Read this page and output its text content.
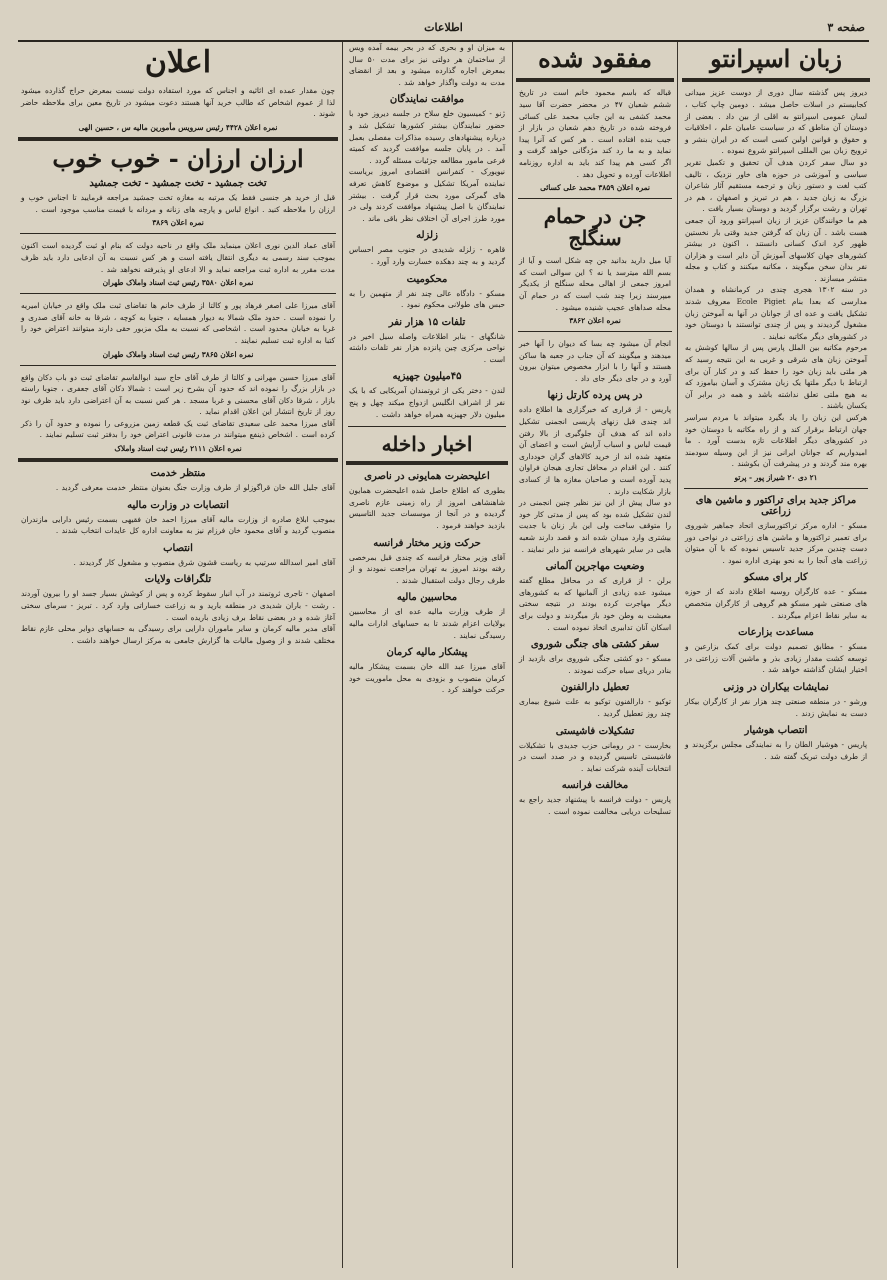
صفحه ۳
اطلاعات
زبان اسپرانتو

دیروز پس گذشته سال دوری از دوست عزیز میدانی کجابیستم در اسلات حاصل میشد . دومین چاپ کتاب ، لسان عمومی اسپرانتو به اقلی از بین داد . بعضی از دوستان آن مناطق که در سیاست عامیان علم ، اخلاقیات و حقوق و قوانین اولین کسی است که در ایران بنشر و ترویج زبان بین المللی اسپرانتو شروع نموده .

دو سال سفر کردن هدف آن تحقیق و تکمیل تقریر سیاسی و آموزشی در حوزه های خاور نزدیک ، تالیف کتب لغت و دستور زبان و ترجمه مستقیم آثار شاعران بزرگ به زبان جدید ، هم در تبریز و اصفهان ، هم در تهران و رشت برگزار گردید و دوستان بسیار یافت .

هم ما خوانندگان عزیز از زبان اسپرانتو ورود آن جمعی هست باشد . آن زبان که گرفتن جدید وقتی بار نخستین ظهور کرد اندک کسانی دانستند ، اکنون در بیشتر کشورهای جهان کلاسهای آموزش آن دایر است و هزاران نفر بدان سخن میگویند ، مکاتبه میکنند و کتاب و مجله منتشر میسازند .

در سنه ۱۳۰۲ هجری چندی در کرمانشاه و همدان مدارسی که بعدا بنام Ecole Pigiet معروف شدند تشکیل یافت و عده ای از جوانان در آنها به آموختن زبان مشغول گردیدند و پس از چندی توانستند با دوستان خود در کشورهای دیگر مکاتبه نمایند .

مرحوم مکاتبه بین الملل پارس پس از سالها کوشش به آموختن زبان های شرقی و غربی به این نتیجه رسید که هر ملتی باید زبان خود را حفظ کند و در کنار آن برای ارتباط با دیگر ملتها یک زبان مشترک و آسان بیاموزد که به هیچ ملتی تعلق نداشته باشد و همه در برابر آن یکسان باشند .

هرکس این زبان را یاد بگیرد میتواند با مردم سراسر جهان ارتباط برقرار کند و از راه مکاتبه با دوستان خود در کشورهای دیگر اطلاعات تازه بدست آورد . ما امیدواریم که جوانان ایرانی نیز از این وسیله سودمند بهره مند گردند و در پیشرفت آن بکوشند .

۲۱ دی ۲۰ شیراز پور - پرتو
مراکز جدید برای تراکتور و ماشین های زراعتی

مسکو - اداره مرکز تراکتورسازی اتحاد جماهیر شوروی برای تعمیر تراکتورها و ماشین های زراعتی در نواحی دور دست چندین مرکز جدید تاسیس نموده که با آن میتوان زراعت های آنجا را به نحو بهتری اداره نمود .

کار برای مسکو

مسکو - عده کارگران روسیه اطلاع دادند که از حوزه های صنعتی شهر مسکو هم گروهی از کارگران متخصص به سایر نقاط اعزام میگردند .

مساعدت بزارعات

مسکو - مطابق تصمیم دولت برای کمک بزارعین و توسعه کشت مقدار زیادی بذر و ماشین آلات زراعتی در اختیار ایشان گذاشته خواهد شد .

نمایشات بیکاران در وزنی

ورشو - در منطقه صنعتی چند هزار نفر از کارگران بیکار دست به نمایش زدند .

انتصاب هوشیار

پاریس - هوشیار الطان را به نمایندگی مجلس برگزیدند و از طرف دولت تبریک گفته شد .

مفقود شده

قباله که باسم محمود خانم است در تاریخ ششم شعبان ۴۷ در محضر حضرت آقا سید محمد کشفی به این جانب محمد علی کسائی فروخته شده در تاریخ دهم شعبان در بازار از جیب بنده افتاده است . هر کس که آنرا پیدا نماید و به ما رد کند مژدگانی خواهد گرفت و اگر کسی هم پیدا کند باید به اداره روزنامه اطلاعات آورده و تحویل دهد .

نمره اعلان ۳۸۵۹ محمد علی کسائی
جن در حمام سنگلج

آیا میل دارید بدانید جن چه شکل است و آیا از بسم الله میترسد یا نه ؟ این سوالی است که امروز جمعی از اهالی محله سنگلج از یکدیگر میپرسند زیرا چند شب است که در حمام آن محله صداهای عجیب شنیده میشود .

نمره اعلان ۳۸۶۲

انجام آن میشود چه بسا که دیوان را آنها خبر میدهند و میگویند که آن جناب در جعبه ها ساکن هستند و آنها را با ابزار مخصوص میتوان بیرون آورد و در جای دیگر جای داد .

در پس پرده کارتل زنها

پاریس - از قراری که خبرگزاری ها اطلاع داده اند چندی قبل زنهای پاریسی انجمنی تشکیل داده اند که هدف آن جلوگیری از بالا رفتن قیمت لباس و اسباب آرایش است و اعضای آن متعهد شده اند از خرید کالاهای گران خودداری کنند . این اقدام در محافل تجاری هیجان فراوان پدید آورده است و صاحبان مغازه ها از کسادی بازار شکایت دارند .

دو سال پیش از این نیز نظیر چنین انجمنی در لندن تشکیل شده بود که پس از مدتی کار خود را متوقف ساخت ولی این بار زنان با جدیت بیشتری وارد میدان شده اند و قصد دارند شعبه هایی در سایر شهرهای فرانسه نیز دایر نمایند .

وضعیت مهاجرین آلمانی

برلن - از قراری که در محافل مطلع گفته میشود عده زیادی از آلمانیها که به کشورهای دیگر مهاجرت کرده بودند در نتیجه سختی معیشت به وطن خود باز میگردند و دولت برای اسکان آنان تدابیری اتخاذ نموده است .

سفر کشتی های جنگی شوروی

مسکو - دو کشتی جنگی شوروی برای بازدید از بنادر دریای سیاه حرکت نمودند .

تعطیل دارالفنون

توکیو - دارالفنون توکیو به علت شیوع بیماری چند روز تعطیل گردید .

تشکیلات فاشیستی

بخارست - در رومانی حزب جدیدی با تشکیلات فاشیستی تاسیس گردیده و در صدد است در انتخابات آینده شرکت نماید .

مخالفت فرانسه

پاریس - دولت فرانسه با پیشنهاد جدید راجع به تسلیحات دریایی مخالفت نموده است .

به میزان او و بحری که در بحر بیمه آمده ویس از ساختمان هر دولتی نیز برای مدت ۵۰ سال بمعرض اجاره گذارده میشود و بعد از انقضای مدت به دولت واگذار خواهد شد .

موافقت نمایندگان

ژنو - کمیسیون خلع سلاح در جلسه دیروز خود با حضور نمایندگان بیشتر کشورها تشکیل شد و درباره پیشنهادهای رسیده مذاکرات مفصلی بعمل آمد . در پایان جلسه موافقت گردید که کمیته فرعی مامور مطالعه جزئیات مسئله گردد .

نیویورک - کنفرانس اقتصادی امروز بریاست نماینده آمریکا تشکیل و موضوع کاهش تعرفه های گمرکی مورد بحث قرار گرفت . بیشتر نمایندگان با اصل پیشنهاد موافقت کردند ولی در مورد طرز اجرای آن اختلاف نظر باقی ماند .

زلزله

قاهره - زلزله شدیدی در جنوب مصر احساس گردید و به چند دهکده خسارت وارد آورد .

محکومیت

مسکو - دادگاه عالی چند نفر از متهمین را به حبس های طولانی محکوم نمود .

تلفات ۱۵ هزار نفر

شانگهای - بنابر اطلاعات واصله سیل اخیر در نواحی مرکزی چین پانزده هزار نفر تلفات داشته است .

۴۵میلیون جهیزیه

لندن - دختر یکی از ثروتمندان آمریکایی که با یک نفر از اشراف انگلیس ازدواج میکند چهل و پنج میلیون دلار جهیزیه همراه خواهد داشت .

اخبار داخله
اعلیحضرت همایونی در ناصری

بطوری که اطلاع حاصل شده اعلیحضرت همایون شاهنشاهی امروز از راه زمینی عازم ناصری گردیده و در آنجا از موسسات جدید التاسیس بازدید خواهند فرمود .

حرکت وزیر مختار فرانسه

آقای وزیر مختار فرانسه که چندی قبل بمرخصی رفته بودند امروز به تهران مراجعت نمودند و از طرف رجال دولت استقبال شدند .

محاسبین ماليه

از طرف وزارت ماليه عده ای از محاسبین بولایات اعزام شدند تا به حسابهای ادارات مالیه رسیدگی نمایند .

پیشکار ماليه کرمان

آقای میرزا عبد الله خان بسمت پیشکار ماليه کرمان منصوب و بزودی به محل ماموریت خود حرکت خواهند کرد .

اعلان

چون مقدار عمده ای اثاثیه و اجناس که مورد استفاده دولت نیست بمعرض حراج گذارده میشود لذا از عموم اشخاص که طالب خرید آنها هستند دعوت میشود در تاریخ معین برای ملاحظه حاضر شوند .

نمره اعلان ۴۴۲۸ رئیس سرویس مأمورین ماليه س ، حسین الهی
ارزان ارزان - خوب خوب
تخت جمشید - تخت جمشید - تخت جمشید

قبل از خرید هر جنسی فقط یک مرتبه به مغازه تخت جمشید مراجعه فرمایید تا اجناس خوب و ارزان را ملاحظه کنید . انواع لباس و پارچه های زنانه و مردانه با قیمت مناسب موجود است .

نمره اعلان ۳۸۶۹

آقای عماد الدین نوری اعلان مینماید ملک واقع در ناحیه دولت که بنام او ثبت گردیده است اکنون بموجب سند رسمی به دیگری انتقال یافته است و هر کس نسبت به آن ادعایی دارد باید ظرف مدت مقرر به اداره ثبت مراجعه نماید و الا ادعای او پذیرفته نخواهد شد .

نمره اعلان ۳۵۸۰ رئیس ثبت اسناد واملاک طهران

آقای میرزا علی اصغر فرهاد پور و کالتا از طرف خانم ها تقاضای ثبت ملک واقع در خیابان امیریه را نموده است . حدود ملک شمالا به دیوار همسایه ، جنوبا به کوچه ، شرقا به خانه آقای صدری و غربا به خیابان محدود است . اشخاصی که نسبت به ملک مزبور حقی دارند میتوانند اعتراض خود را کتبا به اداره ثبت تسلیم نمایند .

نمره اعلان ۳۸۶۵ رئیس ثبت اسناد واملاک طهران

آقای میرزا حسین مهرانی و کالتا از طرف آقای حاج سید ابوالقاسم تقاضای ثبت دو باب دکان واقع در بازار بزرگ را نموده اند که حدود آن بشرح زیر است : شمالا دکان آقای جعفری ، جنوبا راسته بازار ، شرقا دکان آقای محسنی و غربا مسجد . هر کس نسبت به آن اعتراضی دارد باید ظرف نود روز از تاریخ انتشار این اعلان اقدام نماید .

آقای میرزا محمد علی سعیدی تقاضای ثبت یک قطعه زمین مزروعی را نموده و حدود آن را ذکر کرده است . اشخاص ذینفع میتوانند در مدت قانونی اعتراض خود را بدفتر ثبت تسلیم نمایند .

نمره اعلان ۲۱۱۱ رئیس ثبت اسناد واملاک
منتظر خدمت

آقای جلیل الله خان قراگوزلو از طرف وزارت جنگ بعنوان منتظر خدمت معرفی گردید .

انتصابات در وزارت ماليه

بموجب ابلاغ صادره از وزارت ماليه آقای میرزا احمد خان فقیهی بسمت رئیس دارایی مازندران منصوب گردید و آقای محمود خان فرزام نیز به معاونت اداره کل عایدات انتخاب شدند .

انتصاب

آقای امیر اسدالله سرتیپ به ریاست قشون شرق منصوب و مشغول کار گردیدند .

تلگرافات ولایات

اصفهان - تاجری ثروتمند در آب انبار سقوط کرده و پس از کوشش بسیار جسد او را بیرون آوردند . رشت - باران شدیدی در منطقه بارید و به زراعت خساراتی وارد کرد . تبریز - سرمای سختی آغاز شده و در بعضی نقاط برف زیادی باریده است .

آقای مدیر ماليه کرمان و سایر ماموران دارایی برای رسیدگی به حسابهای دوایر محلی عازم نقاط مختلف شدند و از وصول مالیات ها گزارش جامعی به مرکز ارسال خواهند داشت .
